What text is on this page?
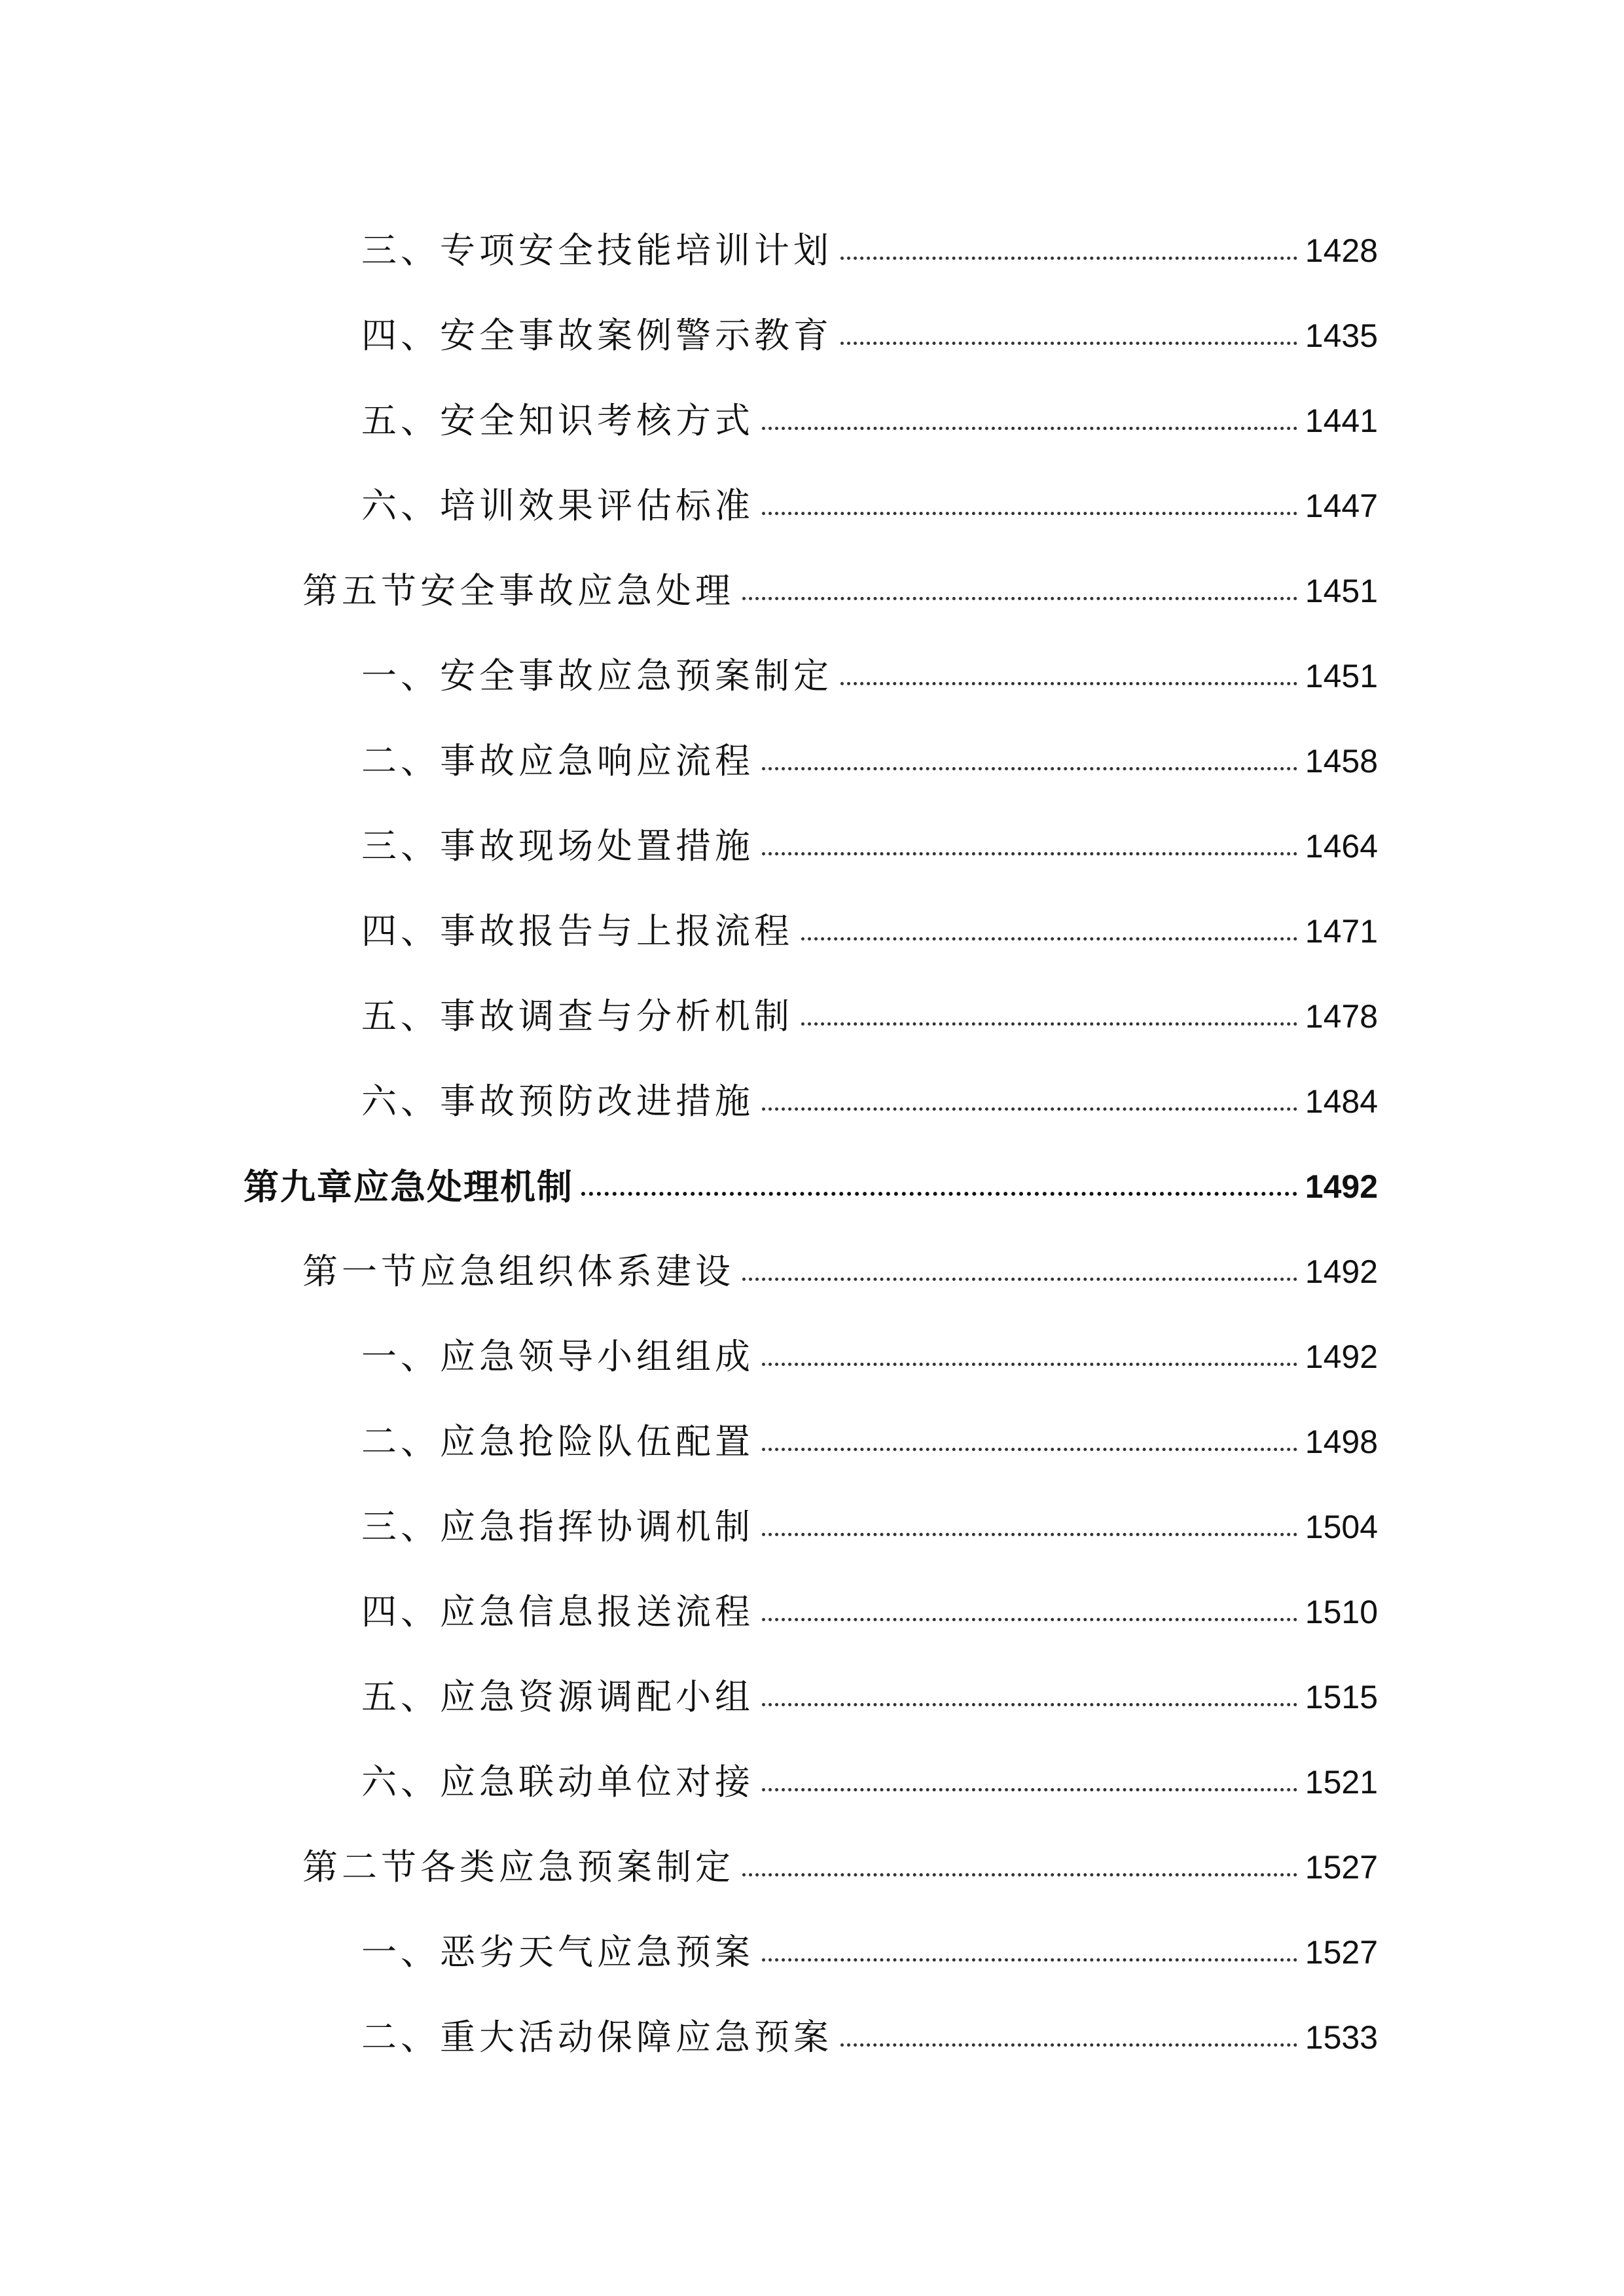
三、专项安全技能培训计划	1428
四、安全事故案例警示教育	1435
五、安全知识考核方式	1441
六、培训效果评估标准	1447
第五节安全事故应急处理	1451
一、安全事故应急预案制定	1451
二、事故应急响应流程	1458
三、事故现场处置措施	1464
四、事故报告与上报流程	1471
五、事故调查与分析机制	1478
六、事故预防改进措施	1484
第九章应急处理机制	1492
第一节应急组织体系建设	1492
一、应急领导小组组成	1492
二、应急抢险队伍配置	1498
三、应急指挥协调机制	1504
四、应急信息报送流程	1510
五、应急资源调配小组	1515
六、应急联动单位对接	1521
第二节各类应急预案制定	1527
一、恶劣天气应急预案	1527
二、重大活动保障应急预案	1533
